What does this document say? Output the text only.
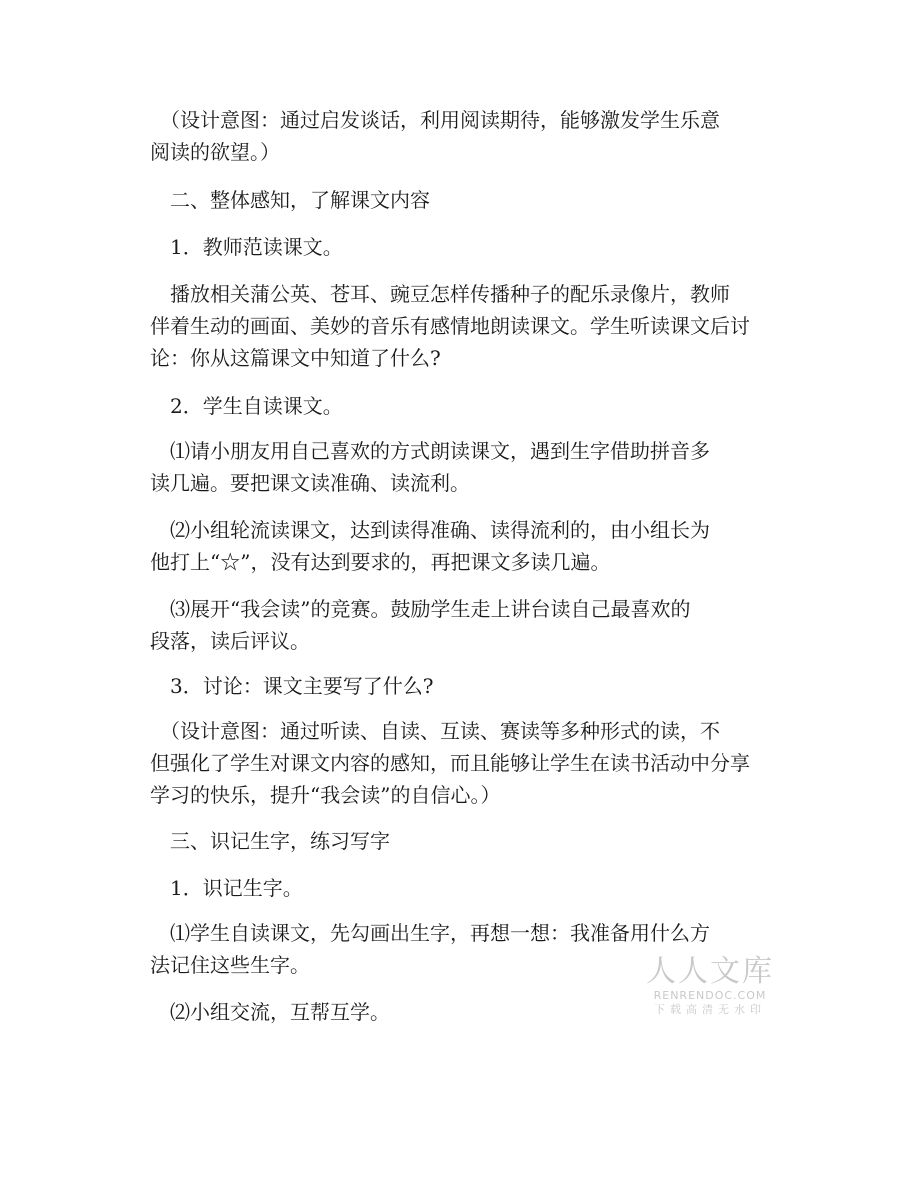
　（设计意图：通过启发谈话，利用阅读期待，能够激发学生乐意
阅读的欲望。）
　二、整体感知，了解课文内容
　1．教师范读课文。
　播放相关蒲公英、苍耳、豌豆怎样传播种子的配乐录像片，教师
伴着生动的画面、美妙的音乐有感情地朗读课文。学生听读课文后讨
论：你从这篇课文中知道了什么?
　2．学生自读课文。
　⑴请小朋友用自己喜欢的方式朗读课文，遇到生字借助拼音多
读几遍。要把课文读准确、读流利。
　⑵小组轮流读课文，达到读得准确、读得流利的，由小组长为
他打上“☆”，没有达到要求的，再把课文多读几遍。
　⑶展开“我会读”的竞赛。鼓励学生走上讲台读自己最喜欢的
段落，读后评议。
　3．讨论：课文主要写了什么?
　（设计意图：通过听读、自读、互读、赛读等多种形式的读，不
但强化了学生对课文内容的感知，而且能够让学生在读书活动中分享
学习的快乐，提升“我会读”的自信心。）
　三、识记生字，练习写字
　1．识记生字。
　⑴学生自读课文，先勾画出生字，再想一想：我准备用什么方
法记住这些生字。
　⑵小组交流，互帮互学。
人人文库
RENRENDOC.COM
下载高清无水印
